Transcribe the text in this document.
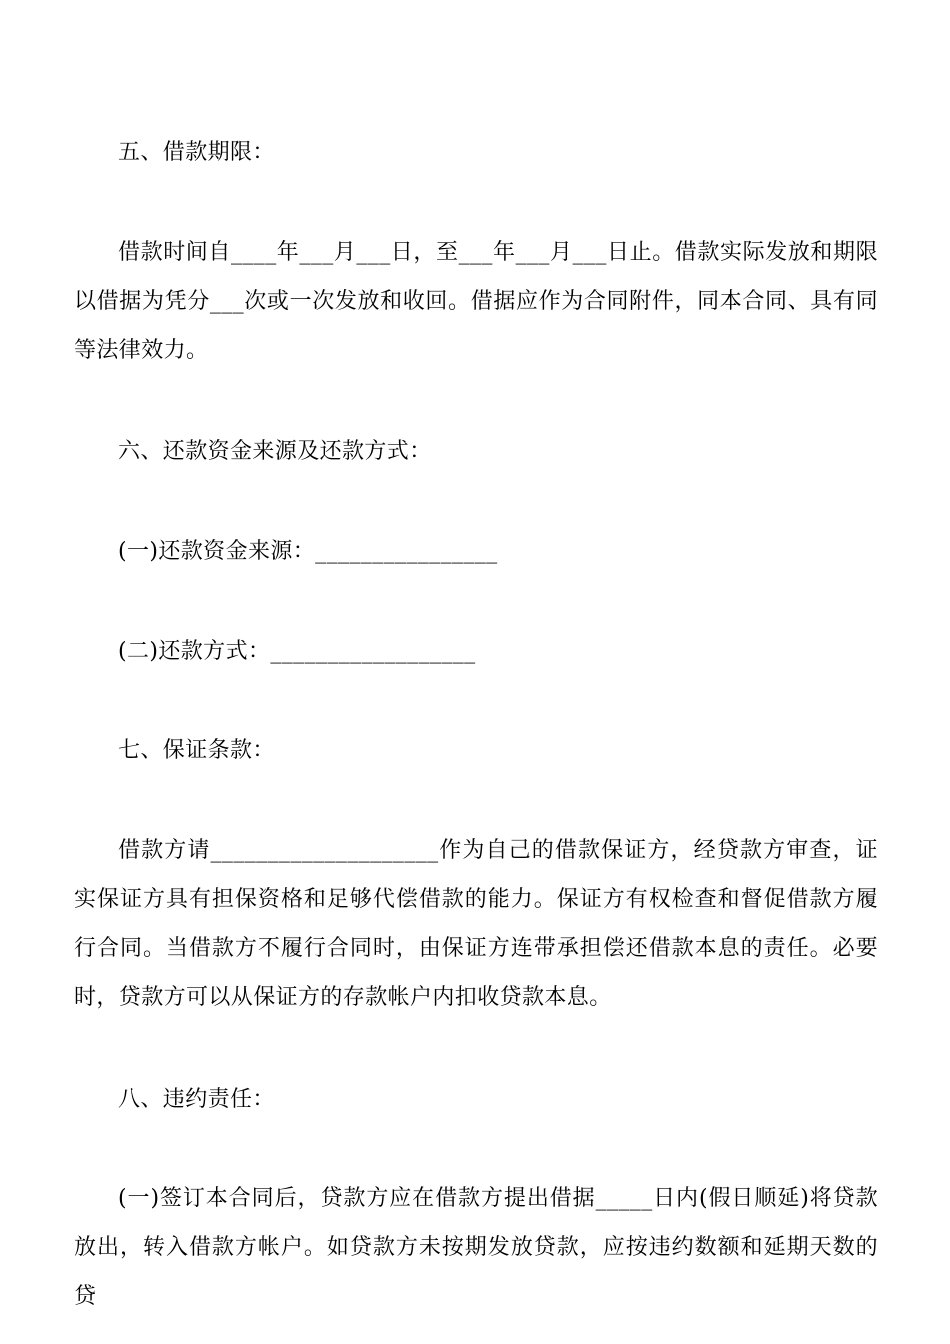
五、借款期限：

借款时间自____年___月___日，至___年___月___日止。借款实际发放和期限以借据为凭分___次或一次发放和收回。借据应作为合同附件，同本合同、具有同等法律效力。

六、还款资金来源及还款方式：

(一)还款资金来源：________________

(二)还款方式：__________________

七、保证条款：

借款方请____________________作为自己的借款保证方，经贷款方审查，证实保证方具有担保资格和足够代偿借款的能力。保证方有权检查和督促借款方履行合同。当借款方不履行合同时，由保证方连带承担偿还借款本息的责任。必要时，贷款方可以从保证方的存款帐户内扣收贷款本息。

八、违约责任：

(一)签订本合同后，贷款方应在借款方提出借据_____日内(假日顺延)将贷款放出，转入借款方帐户。如贷款方未按期发放贷款，应按违约数额和延期天数的贷
